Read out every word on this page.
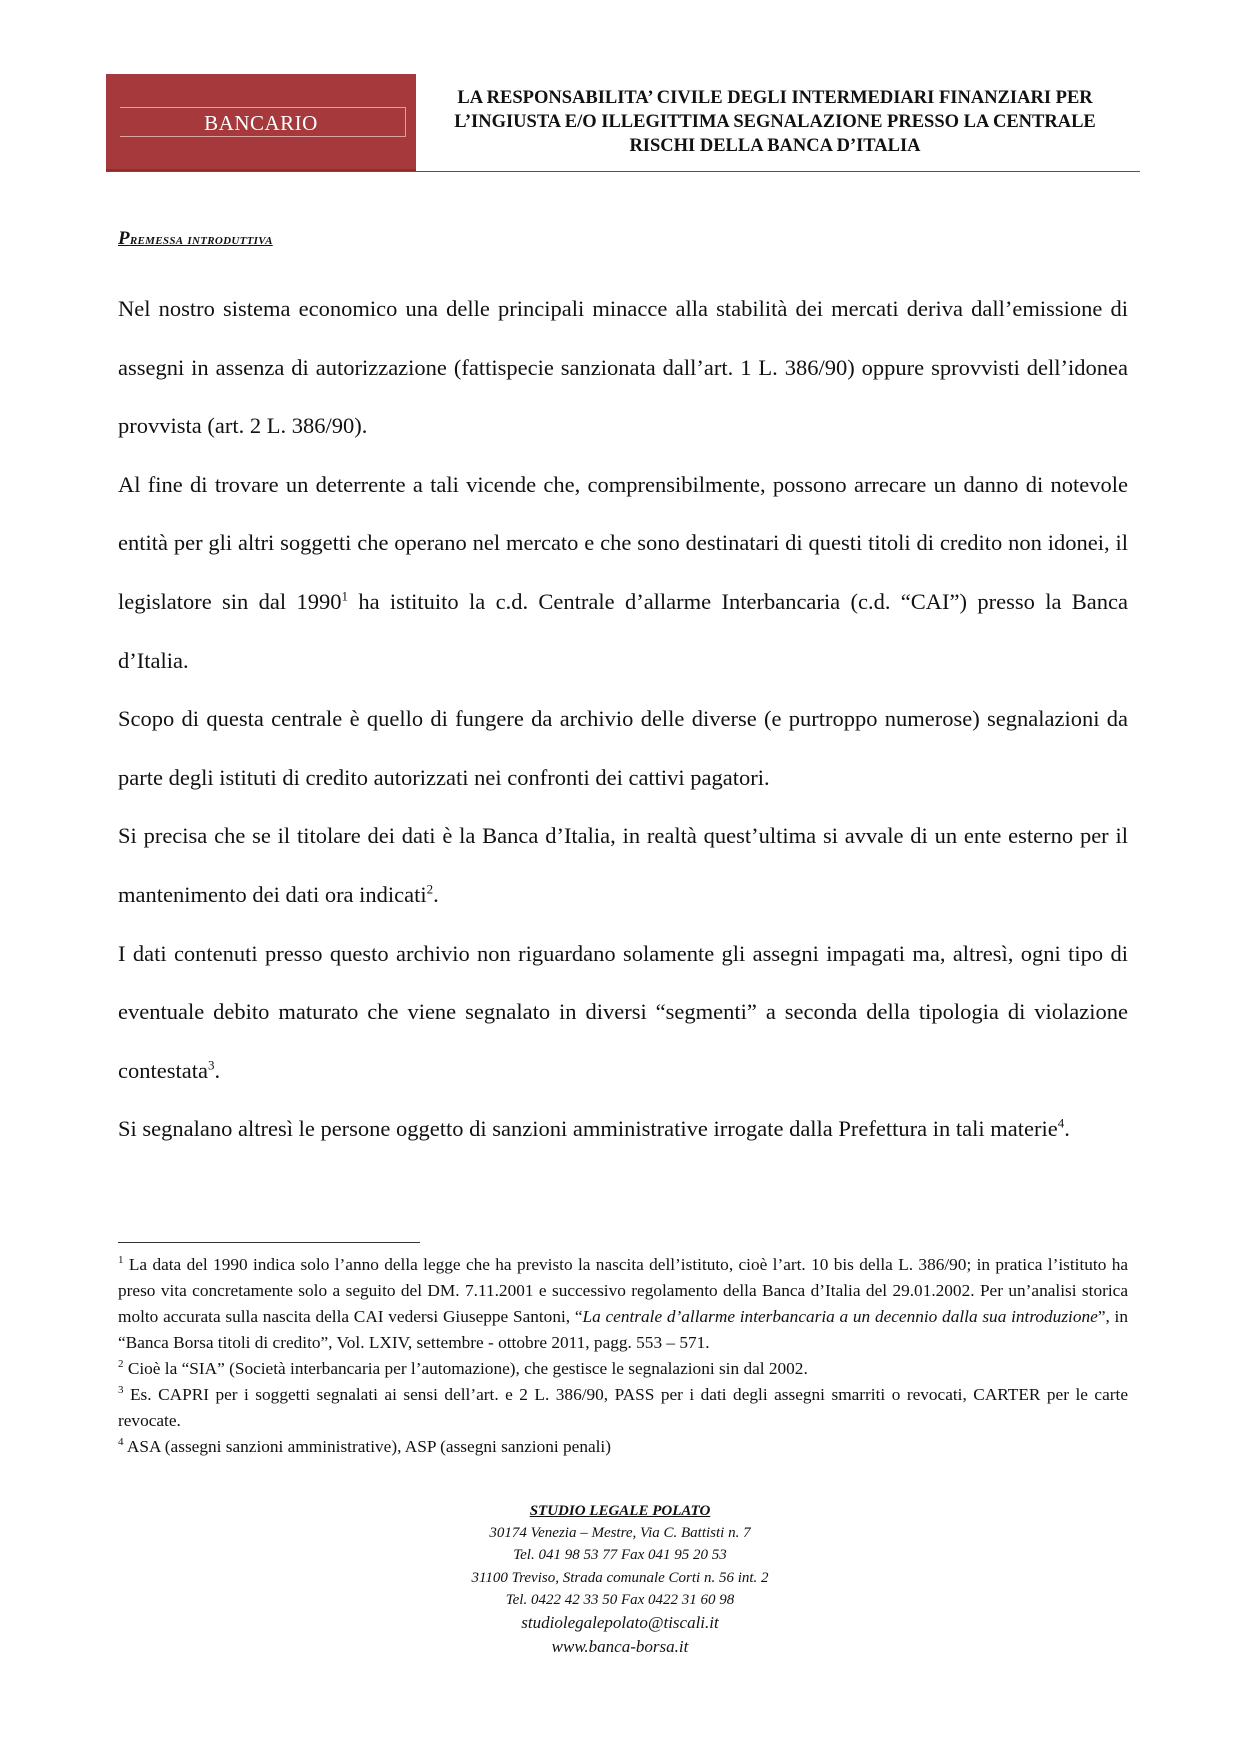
BANCARIO
LA RESPONSABILITA’ CIVILE DEGLI INTERMEDIARI FINANZIARI PER
L’INGIUSTA E/O ILLEGITTIMA SEGNALAZIONE PRESSO LA CENTRALE
RISCHI DELLA BANCA D’ITALIA
Premessa introduttiva

Nel nostro sistema economico una delle principali minacce alla stabilità dei mercati deriva dall’emissione di assegni in assenza di autorizzazione (fattispecie sanzionata dall’art. 1 L. 386/90) oppure sprovvisti dell’idonea provvista (art. 2 L. 386/90).

Al fine di trovare un deterrente a tali vicende che, comprensibilmente, possono arrecare un danno di notevole entità per gli altri soggetti che operano nel mercato e che sono destinatari di questi titoli di credito non idonei, il legislatore sin dal 1990$^1$ ha istituito la c.d. Centrale d’allarme Interbancaria (c.d. “CAI”) presso la Banca d’Italia.

Scopo di questa centrale è quello di fungere da archivio delle diverse (e purtroppo numerose) segnalazioni da parte degli istituti di credito autorizzati nei confronti dei cattivi pagatori.

Si precisa che se il titolare dei dati è la Banca d’Italia, in realtà quest’ultima si avvale di un ente esterno per il mantenimento dei dati ora indicati$^2$.

I dati contenuti presso questo archivio non riguardano solamente gli assegni impagati ma, altresì, ogni tipo di eventuale debito maturato che viene segnalato in diversi “segmenti” a seconda della tipologia di violazione contestata$^3$.

Si segnalano altresì le persone oggetto di sanzioni amministrative irrogate dalla Prefettura in tali materie$^4$.

$^1$ La data del 1990 indica solo l’anno della legge che ha previsto la nascita dell’istituto, cioè l’art. 10 bis della L. 386/90; in pratica l’istituto ha preso vita concretamente solo a seguito del DM. 7.11.2001 e successivo regolamento della Banca d’Italia del 29.01.2002. Per un’analisi storica molto accurata sulla nascita della CAI vedersi Giuseppe Santoni, “La centrale d’allarme interbancaria a un decennio dalla sua introduzione”, in “Banca Borsa titoli di credito”, Vol. LXIV, settembre - ottobre 2011, pagg. 553 – 571.

$^2$ Cioè la “SIA” (Società interbancaria per l’automazione), che gestisce le segnalazioni sin dal 2002.

$^3$ Es. CAPRI per i soggetti segnalati ai sensi dell’art. e 2 L. 386/90, PASS per i dati degli assegni smarriti o revocati, CARTER per le carte revocate.

$^4$ ASA (assegni sanzioni amministrative), ASP (assegni sanzioni penali)

STUDIO LEGALE POLATO
30174 Venezia – Mestre, Via C. Battisti n. 7
Tel. 041 98 53 77 Fax 041 95 20 53
31100 Treviso, Strada comunale Corti n. 56 int. 2
Tel. 0422 42 33 50 Fax 0422 31 60 98
studiolegalepolato@tiscali.it
www.banca-borsa.it
